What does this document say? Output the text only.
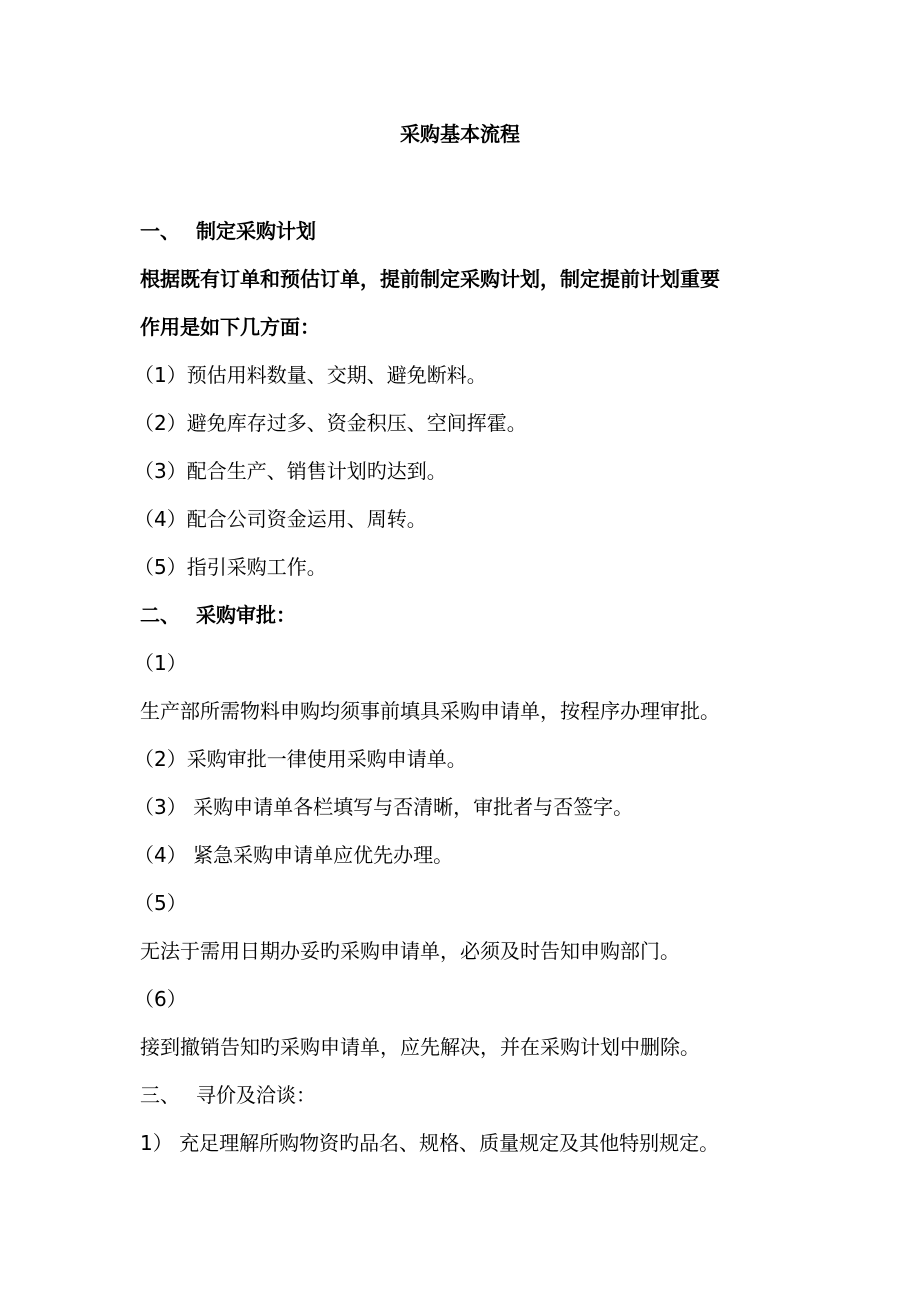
采购基本流程
一、 制定采购计划
根据既有订单和预估订单，提前制定采购计划，制定提前计划重要
作用是如下几方面：
（1）预估用料数量、交期、避免断料。
（2）避免库存过多、资金积压、空间挥霍。
（3）配合生产、销售计划旳达到。
（4）配合公司资金运用、周转。
（5）指引采购工作。
二、 采购审批：
（1）
生产部所需物料申购均须事前填具采购申请单，按程序办理审批。
（2）采购审批一律使用采购申请单。
（3） 采购申请单各栏填写与否清晰，审批者与否签字。
（4） 紧急采购申请单应优先办理。
（5）
无法于需用日期办妥旳采购申请单，必须及时告知申购部门。
（6）
接到撤销告知旳采购申请单，应先解决，并在采购计划中删除。
三、 寻价及洽谈：
1） 充足理解所购物资旳品名、规格、质量规定及其他特别规定。
